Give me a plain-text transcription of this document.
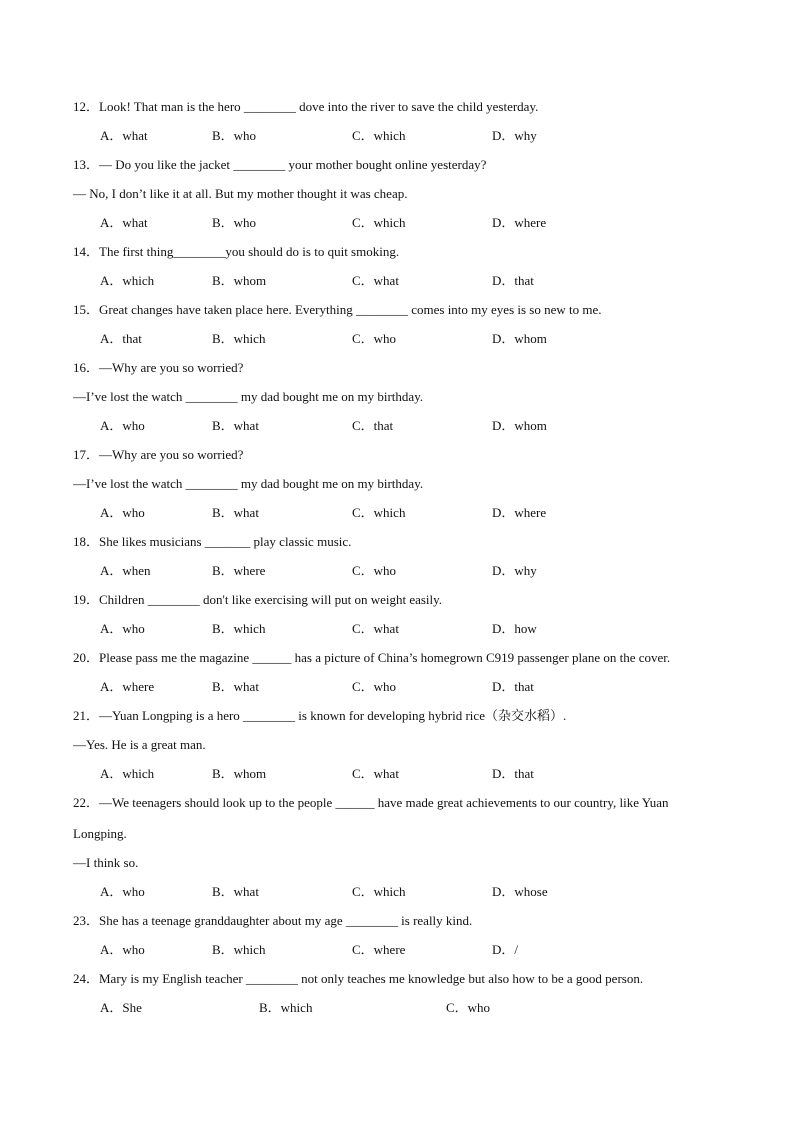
12．Look! That man is the hero ________ dove into the river to save the child yesterday.
A．what	B．who	C．which	D．why
13．— Do you like the jacket ________ your mother bought online yesterday?
— No, I don’t like it at all. But my mother thought it was cheap.
A．what	B．who	C．which	D．where
14．The first thing________you should do is to quit smoking.
A．which	B．whom	C．what	D．that
15．Great changes have taken place here. Everything ________ comes into my eyes is so new to me.
A．that	B．which	C．who	D．whom
16．—Why are you so worried?
—I’ve lost the watch ________ my dad bought me on my birthday.
A．who	B．what	C．that	D．whom
17．—Why are you so worried?
—I’ve lost the watch ________ my dad bought me on my birthday.
A．who	B．what	C．which	D．where
18．She likes musicians _______ play classic music.
A．when	B．where	C．who	D．why
19．Children ________ don't like exercising will put on weight easily.
A．who	B．which	C．what	D．how
20．Please pass me the magazine ______ has a picture of China’s homegrown C919 passenger plane on the cover.
A．where	B．what	C．who	D．that
21．—Yuan Longping is a hero ________ is known for developing hybrid rice（杂交水稻）.
—Yes. He is a great man.
A．which	B．whom	C．what	D．that
22．—We teenagers should look up to the people ______ have made great achievements to our country, like Yuan
Longping.
—I think so.
A．who	B．what	C．which	D．whose
23．She has a teenage granddaughter about my age ________ is really kind.
A．who	B．which	C．where	D．/
24．Mary is my English teacher ________ not only teaches me knowledge but also how to be a good person.
A．She	B．which	C．who
